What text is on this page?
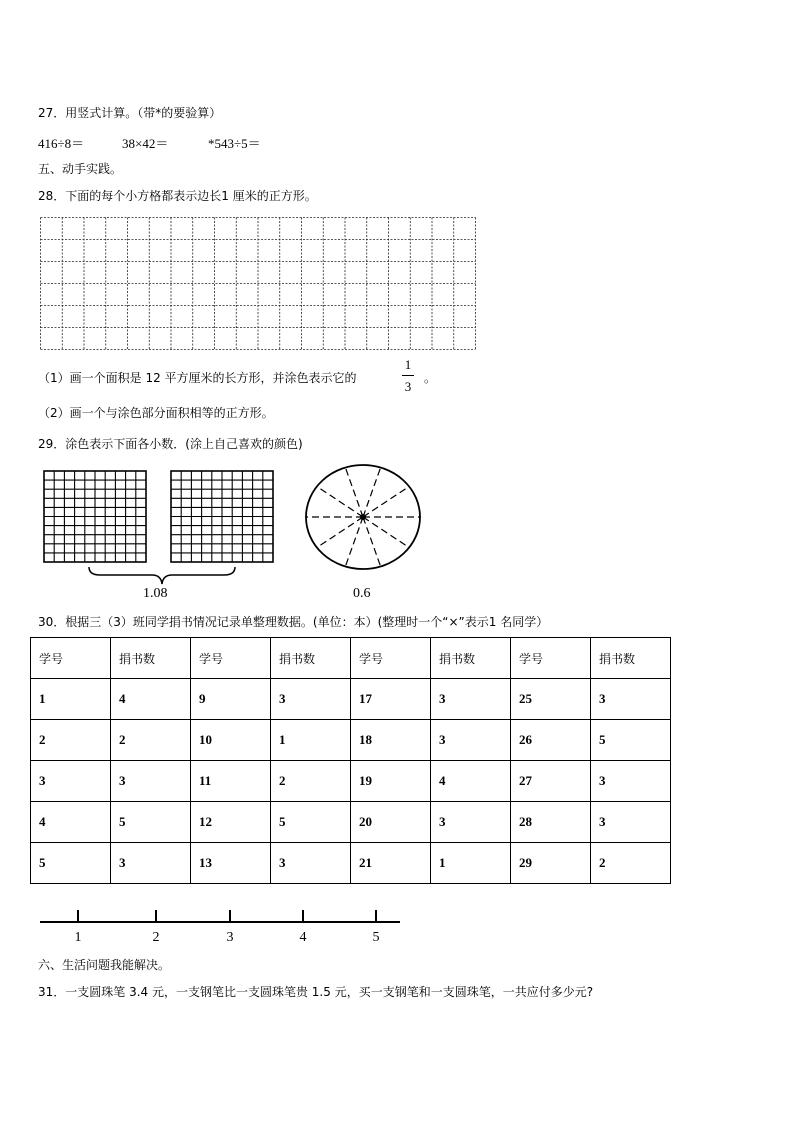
27．用竖式计算。（带*的要验算）
416÷8＝	38×42＝	*543÷5＝
五、动手实践。
28．下面的每个小方格都表示边长1 厘米的正方形。
（1）画一个面积是 12 平方厘米的长方形，并涂色表示它的
1
3
。
（2）画一个与涂色部分面积相等的正方形。
29．涂色表示下面各小数．(涂上自己喜欢的颜色)
1.08	0.6
30．根据三（3）班同学捐书情况记录单整理数据。(单位：本）(整理时一个“×”表示1 名同学）
学号	捐书数	学号	捐书数	学号	捐书数	学号	捐书数
1	4	9	3	17	3	25	3
2	2	10	1	18	3	26	5
3	3	11	2	19	4	27	3
4	5	12	5	20	3	28	3
5	3	13	3	21	1	29	2
1	2	3	4	5
六、生活问题我能解决。
31．一支圆珠笔 3.4 元，一支钢笔比一支圆珠笔贵 1.5 元，买一支钢笔和一支圆珠笔，一共应付多少元?
